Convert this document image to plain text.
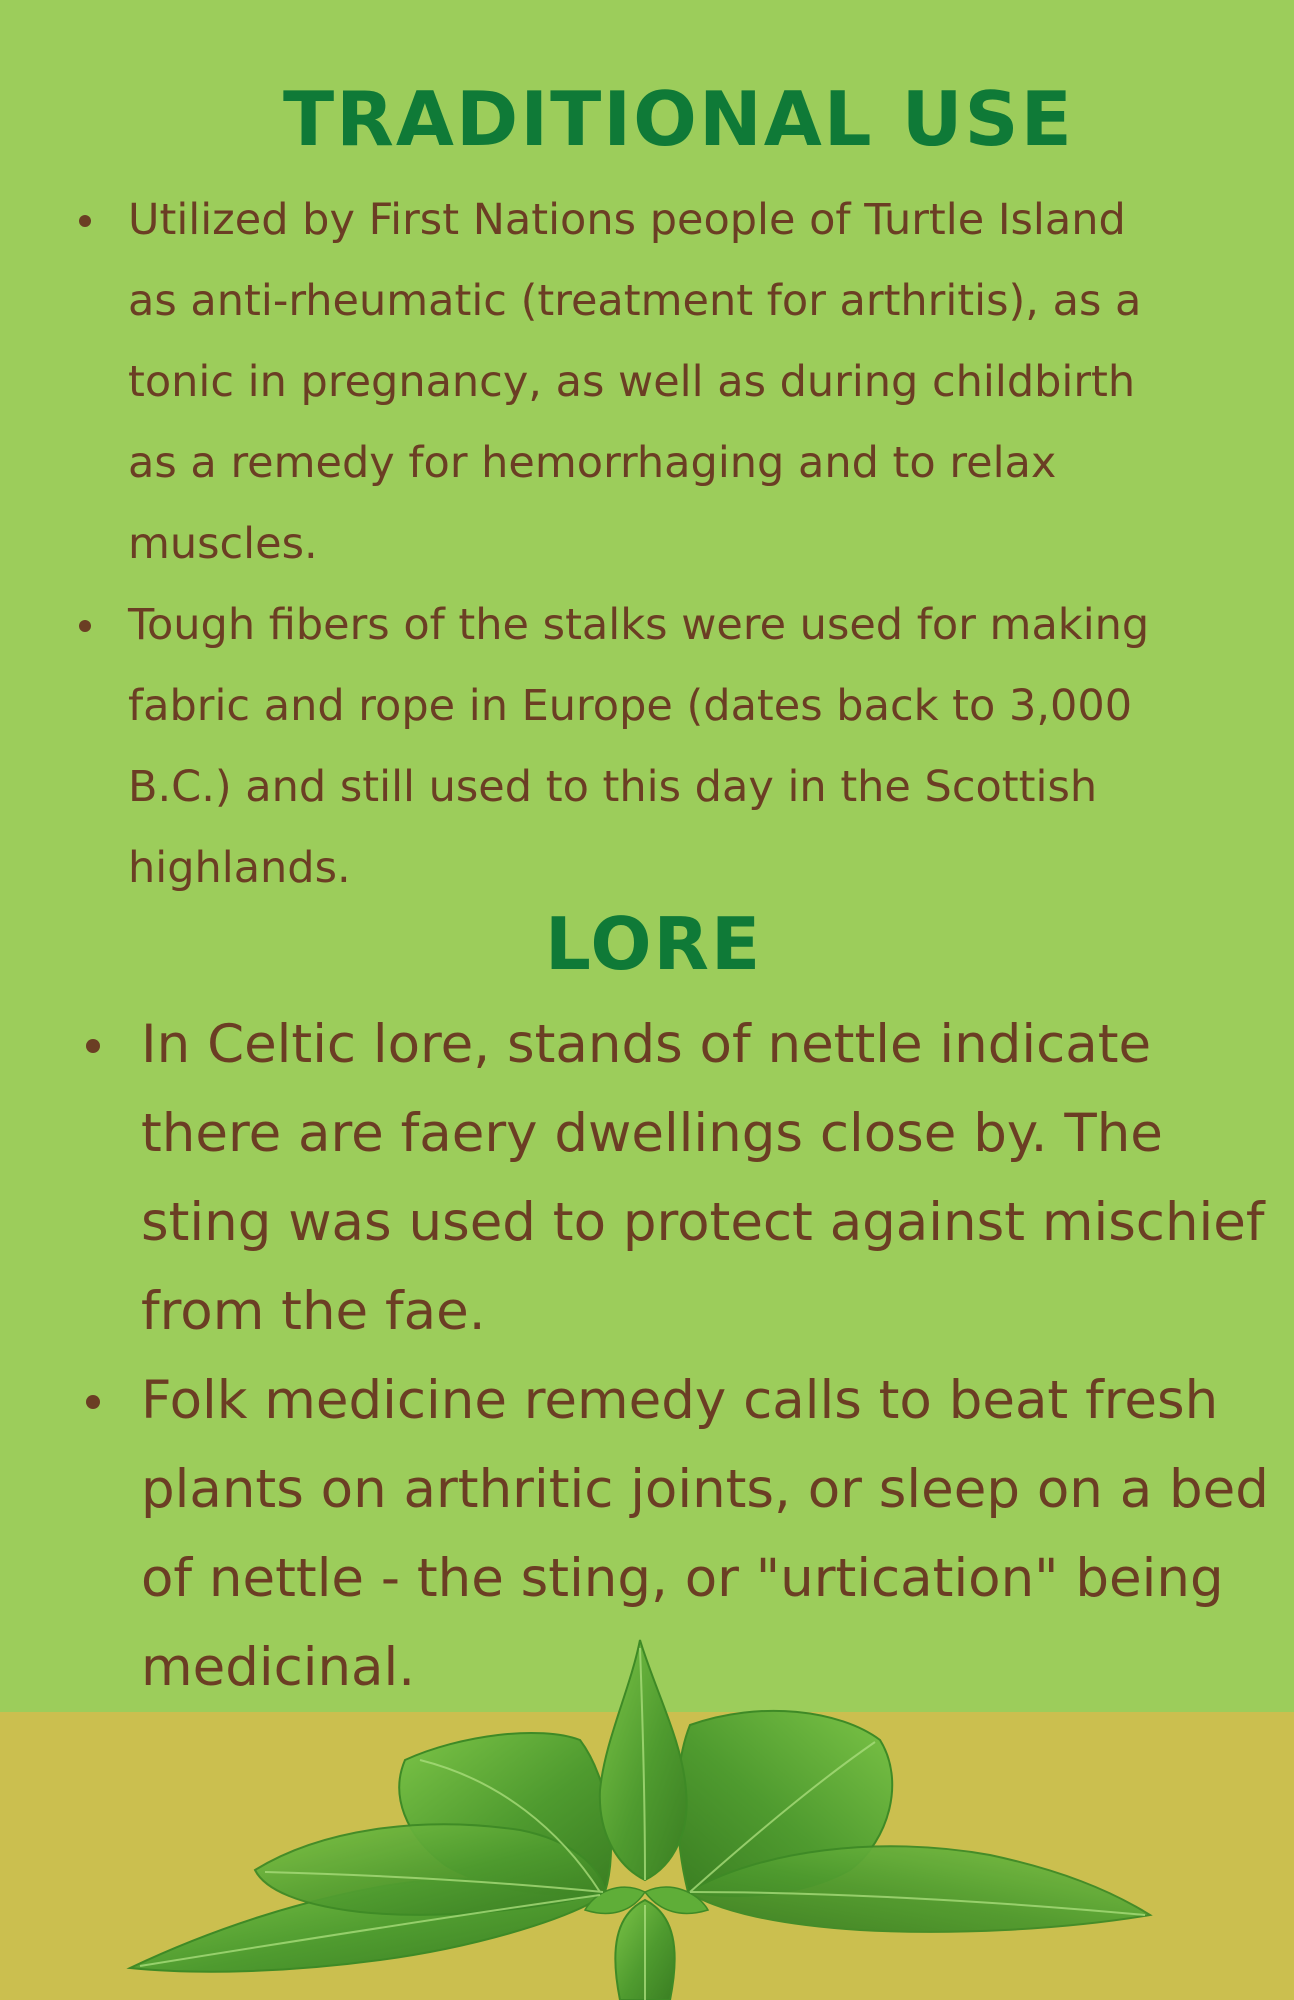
TRADITIONAL USE
Utilized by First Nations people of Turtle Island
as anti-rheumatic (treatment for arthritis), as a
tonic in pregnancy, as well as during childbirth
as a remedy for hemorrhaging and to relax
muscles.
Tough fibers of the stalks were used for making
fabric and rope in Europe (dates back to 3,000
B.C.) and still used to this day in the Scottish
highlands.
LORE
In Celtic lore, stands of nettle indicate
there are faery dwellings close by. The
sting was used to protect against mischief
from the fae.
Folk medicine remedy calls to beat fresh
plants on arthritic joints, or sleep on a bed
of nettle - the sting, or "urtication" being
medicinal.
